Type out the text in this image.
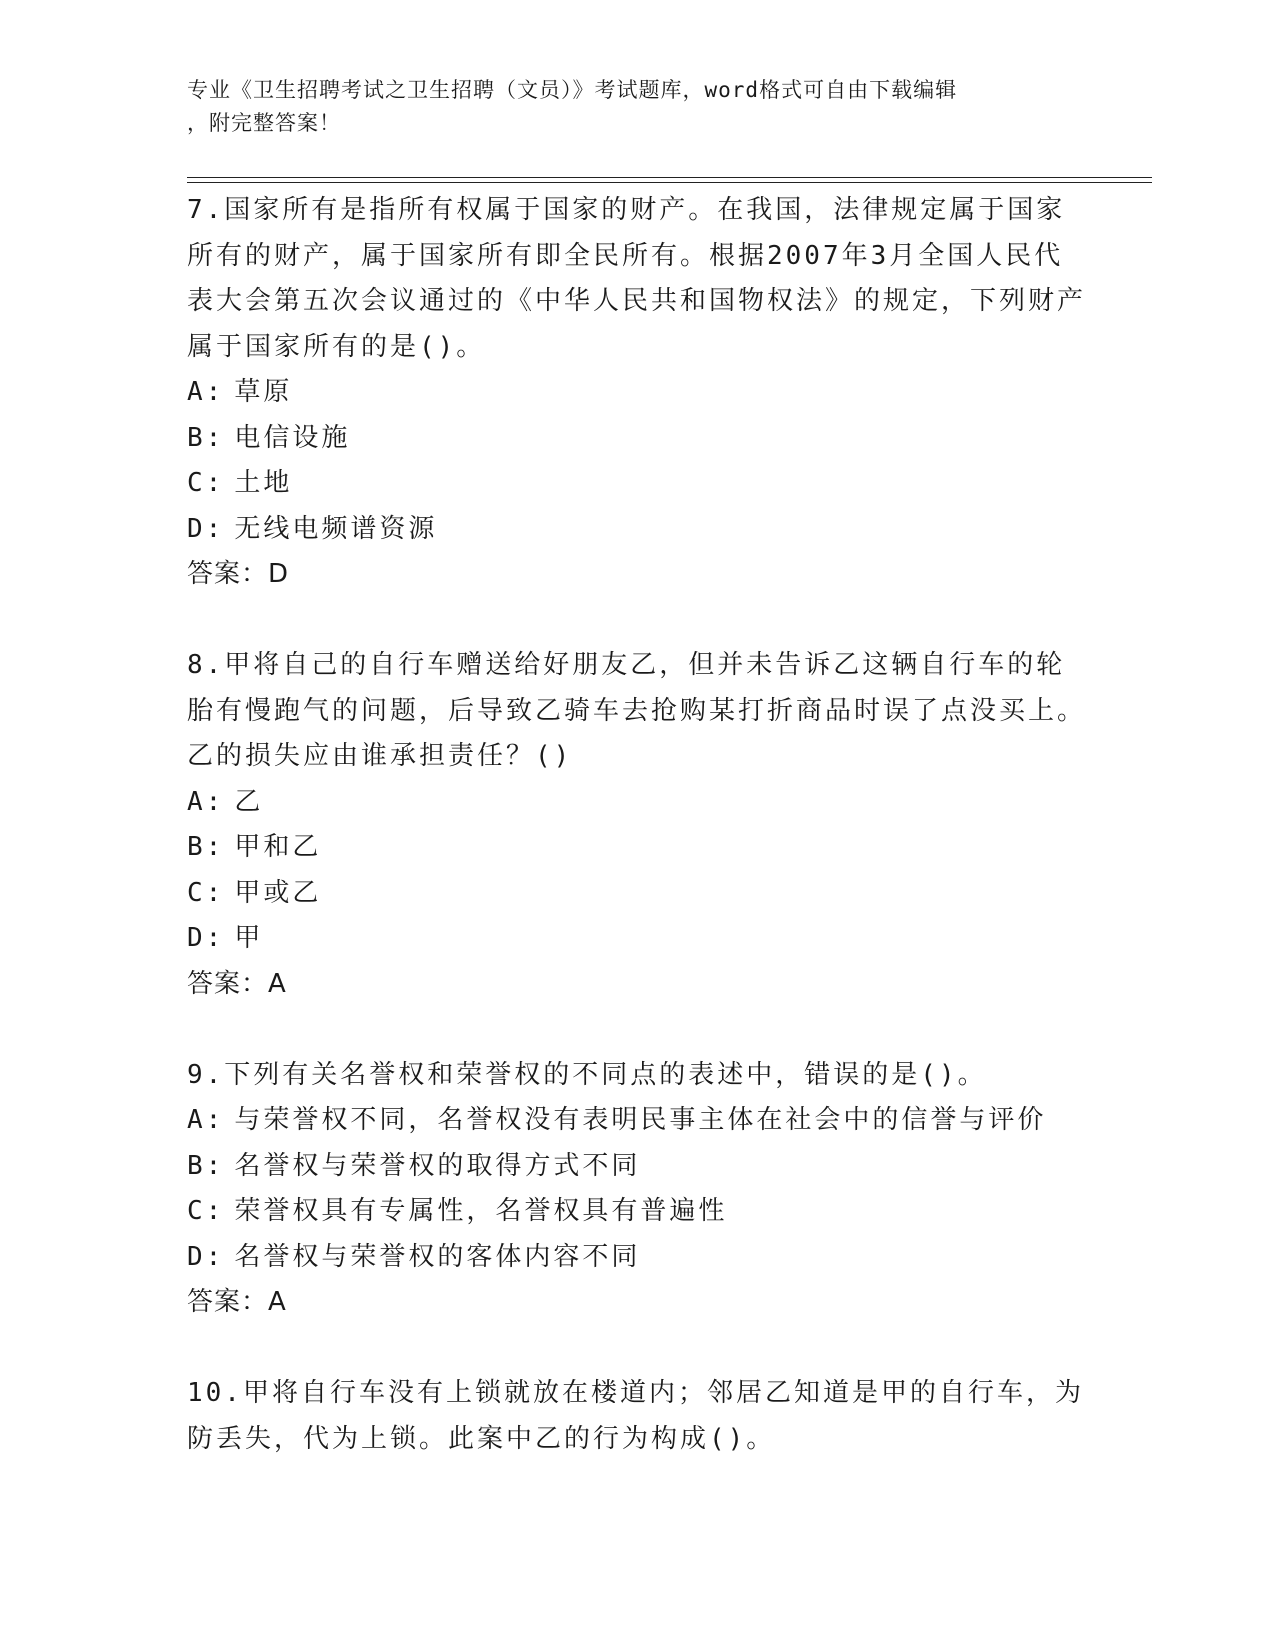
专业《卫生招聘考试之卫生招聘（文员）》考试题库，word格式可自由下载编辑
，附完整答案！
7.国家所有是指所有权属于国家的财产。在我国，法律规定属于国家所有的财产，属于国家所有即全民所有。根据2007年3月全国人民代表大会第五次会议通过的《中华人民共和国物权法》的规定，下列财产属于国家所有的是()。
A: 草原
B: 电信设施
C: 土地
D: 无线电频谱资源
答案：D
8.甲将自己的自行车赠送给好朋友乙，但并未告诉乙这辆自行车的轮胎有慢跑气的问题，后导致乙骑车去抢购某打折商品时误了点没买上。乙的损失应由谁承担责任？()
A: 乙
B: 甲和乙
C: 甲或乙
D: 甲
答案：A
9.下列有关名誉权和荣誉权的不同点的表述中，错误的是()。
A: 与荣誉权不同，名誉权没有表明民事主体在社会中的信誉与评价
B: 名誉权与荣誉权的取得方式不同
C: 荣誉权具有专属性，名誉权具有普遍性
D: 名誉权与荣誉权的客体内容不同
答案：A
10.甲将自行车没有上锁就放在楼道内；邻居乙知道是甲的自行车，为防丢失，代为上锁。此案中乙的行为构成()。
